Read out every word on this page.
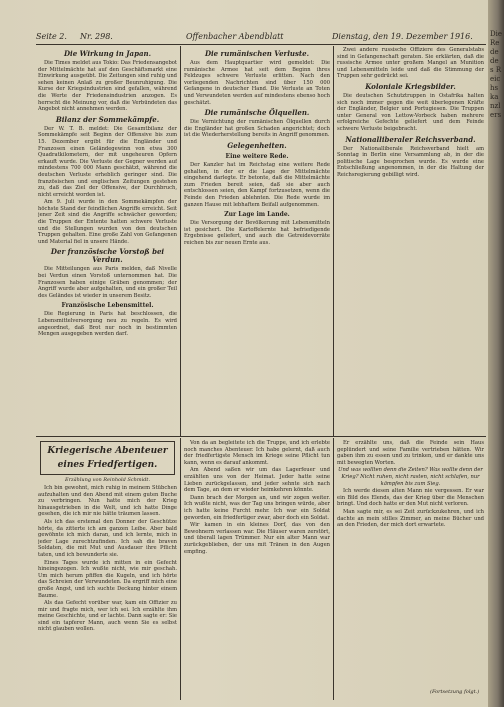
Seite 2. Nr. 298.	Offenbacher Abendblatt	Dienstag, den 19. Dezember 1916.
Die Wirkung in Japan.

Die Times meldet aus Tokio: Das Friedensangebot der Mittelmächte hat auf den Geschäftsmarkt eine Einwirkung ausgeübt. Die Zeitungen sind ruhig und sehen keinen Anlaß zu großer Beunruhigung. Die Kurse der Kriegsindustrien sind gefallen, während die Werte der Friedensindustrien anzogen. Es herrscht die Meinung vor, daß die Verbündeten das Angebot nicht annehmen werden.

Bilanz der Sommekämpfe.

Der W. T. B. meldet: Die Gesamtbilanz der Sommekämpfe seit Beginn der Offensive bis zum 15. Dezember ergibt für die Engländer und Franzosen einen Geländegewinn von etwa 300 Quadratkilometern, der mit ungeheuren Opfern erkauft wurde. Die Verluste der Gegner werden auf mindestens 700 000 Mann geschätzt, während die deutschen Verluste erheblich geringer sind. Die französischen und englischen Zeitungen gestehen zu, daß das Ziel der Offensive, der Durchbruch, nicht erreicht worden ist.

Am 9. Juli wurde in den Sommekämpfen der höchste Stand der feindlichen Angriffe erreicht. Seit jener Zeit sind die Angriffe schwächer geworden; die Truppen der Entente hatten schwere Verluste und die Stellungen wurden von den deutschen Truppen gehalten. Eine große Zahl von Gefangenen und Material fiel in unsere Hände.

Der französische Vorstoß bei Verdun.

Die Mitteilungen aus Paris melden, daß Nivelle bei Verdun einen Vorstoß unternommen hat. Die Franzosen haben einige Gräben genommen; der Angriff wurde aber aufgehalten, und ein großer Teil des Geländes ist wieder in unserem Besitz.

Französische Lebensmittel.

Die Regierung in Paris hat beschlossen, die Lebensmittelversorgung neu zu regeln. Es wird angeordnet, daß Brot nur noch in bestimmten Mengen ausgegeben werden darf.

Die rumänischen Verluste.

Aus dem Hauptquartier wird gemeldet: Die rumänische Armee hat seit dem Beginn ihres Feldzuges schwere Verluste erlitten. Nach den vorliegenden Nachrichten sind über 150 000 Gefangene in deutscher Hand. Die Verluste an Toten und Verwundeten werden auf mindestens ebenso hoch geschätzt.

Die rumänische Ölquellen.

Die Vernichtung der rumänischen Ölquellen durch die Engländer hat großen Schaden angerichtet; doch ist die Wiederherstellung bereits in Angriff genommen.

Gelegenheiten.
Eine weitere Rede.

Der Kanzler hat im Reichstag eine weitere Rede gehalten, in der er die Lage der Mittelmächte eingehend darlegte. Er betonte, daß die Mittelmächte zum Frieden bereit seien, daß sie aber auch entschlossen seien, den Kampf fortzusetzen, wenn die Feinde den Frieden ablehnten. Die Rede wurde im ganzen Hause mit lebhaftem Beifall aufgenommen.

Zur Lage im Lande.

Die Versorgung der Bevölkerung mit Lebensmitteln ist gesichert. Die Kartoffelernte hat befriedigende Ergebnisse geliefert, und auch die Getreidevorräte reichen bis zur neuen Ernte aus.

Zwei andere russische Offiziere des Generalstabs sind in Gefangenschaft geraten. Sie erklärten, daß die russische Armee unter großem Mangel an Munition und Lebensmitteln leide und daß die Stimmung der Truppen sehr gedrückt sei.

Koloniale Kriegsbilder.

Die deutschen Schutztruppen in Ostafrika halten sich noch immer gegen die weit überlegenen Kräfte der Engländer, Belgier und Portugiesen. Die Truppen unter General von Lettow-Vorbeck haben mehrere erfolgreiche Gefechte geliefert und dem Feinde schwere Verluste beigebracht.

Nationalliberaler Reichsverband.

Der Nationalliberale Reichsverband hielt am Sonntag in Berlin eine Versammlung ab, in der die politische Lage besprochen wurde. Es wurde eine Entschließung angenommen, in der die Haltung der Reichsregierung gebilligt wird.

Kriegerische Abenteuer eines Friedfertigen.
Erzählung von Reinhold Schmidt.

Ich bin gewohnt, mich ruhig in meinem Stübchen aufzuhalten und den Abend mit einem guten Buche zu verbringen. Nun hatte mich der Krieg hinausgetrieben in die Welt, und ich hatte Dinge gesehen, die ich mir nie hätte träumen lassen.

Als ich das erstemal den Donner der Geschütze hörte, da zitterte ich am ganzen Leibe. Aber bald gewöhnte ich mich daran, und ich lernte, mich in jeder Lage zurechtzufinden. Ich sah die braven Soldaten, die mit Mut und Ausdauer ihre Pflicht taten, und ich bewunderte sie.

Eines Tages wurde ich mitten in ein Gefecht hineingezogen. Ich wußte nicht, wie mir geschah. Um mich herum pfiffen die Kugeln, und ich hörte das Schreien der Verwundeten. Da ergriff mich eine große Angst, und ich suchte Deckung hinter einem Baume.

Als das Gefecht vorüber war, kam ein Offizier zu mir und fragte mich, wer ich sei. Ich erzählte ihm meine Geschichte, und er lachte. Dann sagte er: Sie sind ein tapferer Mann, auch wenn Sie es selbst nicht glauben wollen.

Von da an begleitete ich die Truppe, und ich erlebte noch manches Abenteuer. Ich habe gelernt, daß auch der friedfertigste Mensch im Kriege seine Pflicht tun kann, wenn es darauf ankommt.

Am Abend saßen wir um das Lagerfeuer und erzählten uns von der Heimat. Jeder hatte seine Lieben zurückgelassen, und jeder sehnte sich nach dem Tage, an dem er wieder heimkehren könnte.

Dann brach der Morgen an, und wir zogen weiter. Ich wußte nicht, was der Tag uns bringen würde, aber ich hatte keine Furcht mehr. Ich war ein Soldat geworden, ein friedfertiger zwar, aber doch ein Soldat.

Wir kamen in ein kleines Dorf, das von den Bewohnern verlassen war. Die Häuser waren zerstört, und überall lagen Trümmer. Nur ein alter Mann war zurückgeblieben, der uns mit Tränen in den Augen empfing.

Er erzählte uns, daß die Feinde sein Haus geplündert und seine Familie vertrieben hätten. Wir gaben ihm zu essen und zu trinken, und er dankte uns mit bewegten Worten.

Und was wollten denn die Zeiten? Was wollte denn der Krieg? Nicht ruhen, nicht rasten, nicht schlafen, nur kämpfen bis zum Sieg.

Ich werde diesen alten Mann nie vergessen. Er war ein Bild des Elends, das der Krieg über die Menschen bringt. Und doch hatte er den Mut nicht verloren.

Man sagte mir, es sei Zeit zurückzukehren, und ich dachte an mein stilles Zimmer, an meine Bücher und an den Frieden, der mich dort erwartete.

(Fortsetzung folgt.)
Die Rede des Reichskanzlers
